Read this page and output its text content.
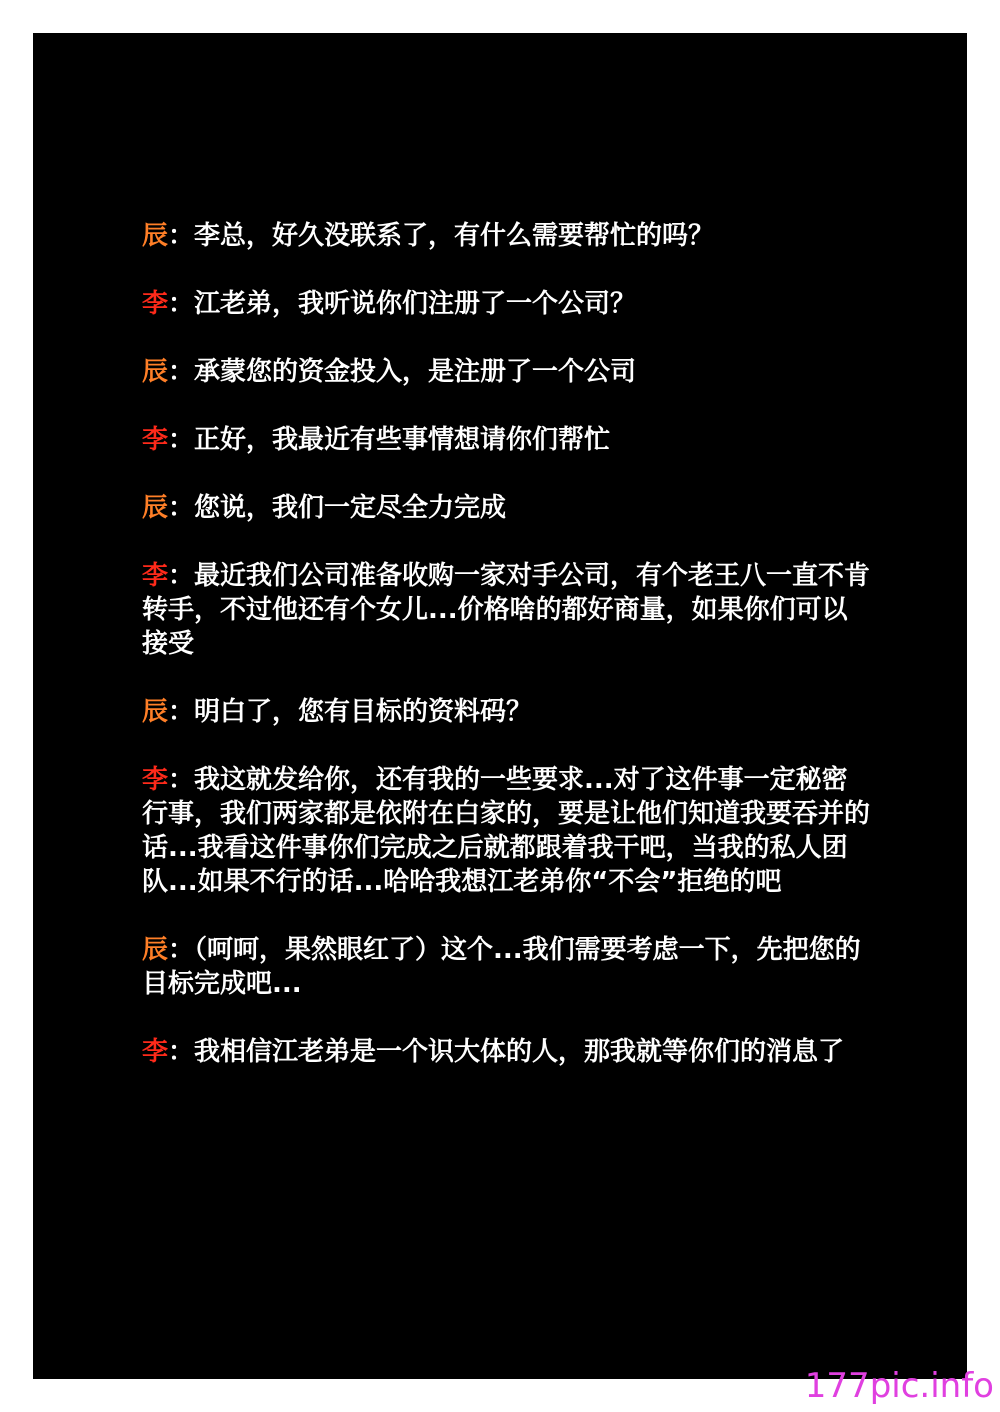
辰：李总，好久没联系了，有什么需要帮忙的吗？

李：江老弟，我听说你们注册了一个公司？

辰：承蒙您的资金投入，是注册了一个公司

李：正好，我最近有些事情想请你们帮忙

辰：您说，我们一定尽全力完成

李：最近我们公司准备收购一家对手公司，有个老王八一直不肯转手，不过他还有个女儿...价格啥的都好商量，如果你们可以接受

辰：明白了，您有目标的资料码？

李：我这就发给你，还有我的一些要求...对了这件事一定秘密行事，我们两家都是依附在白家的，要是让他们知道我要吞并的话...我看这件事你们完成之后就都跟着我干吧，当我的私人团队...如果不行的话...哈哈我想江老弟你“不会”拒绝的吧

辰：（呵呵，果然眼红了）这个...我们需要考虑一下，先把您的目标完成吧...

李：我相信江老弟是一个识大体的人，那我就等你们的消息了

177pic.info
